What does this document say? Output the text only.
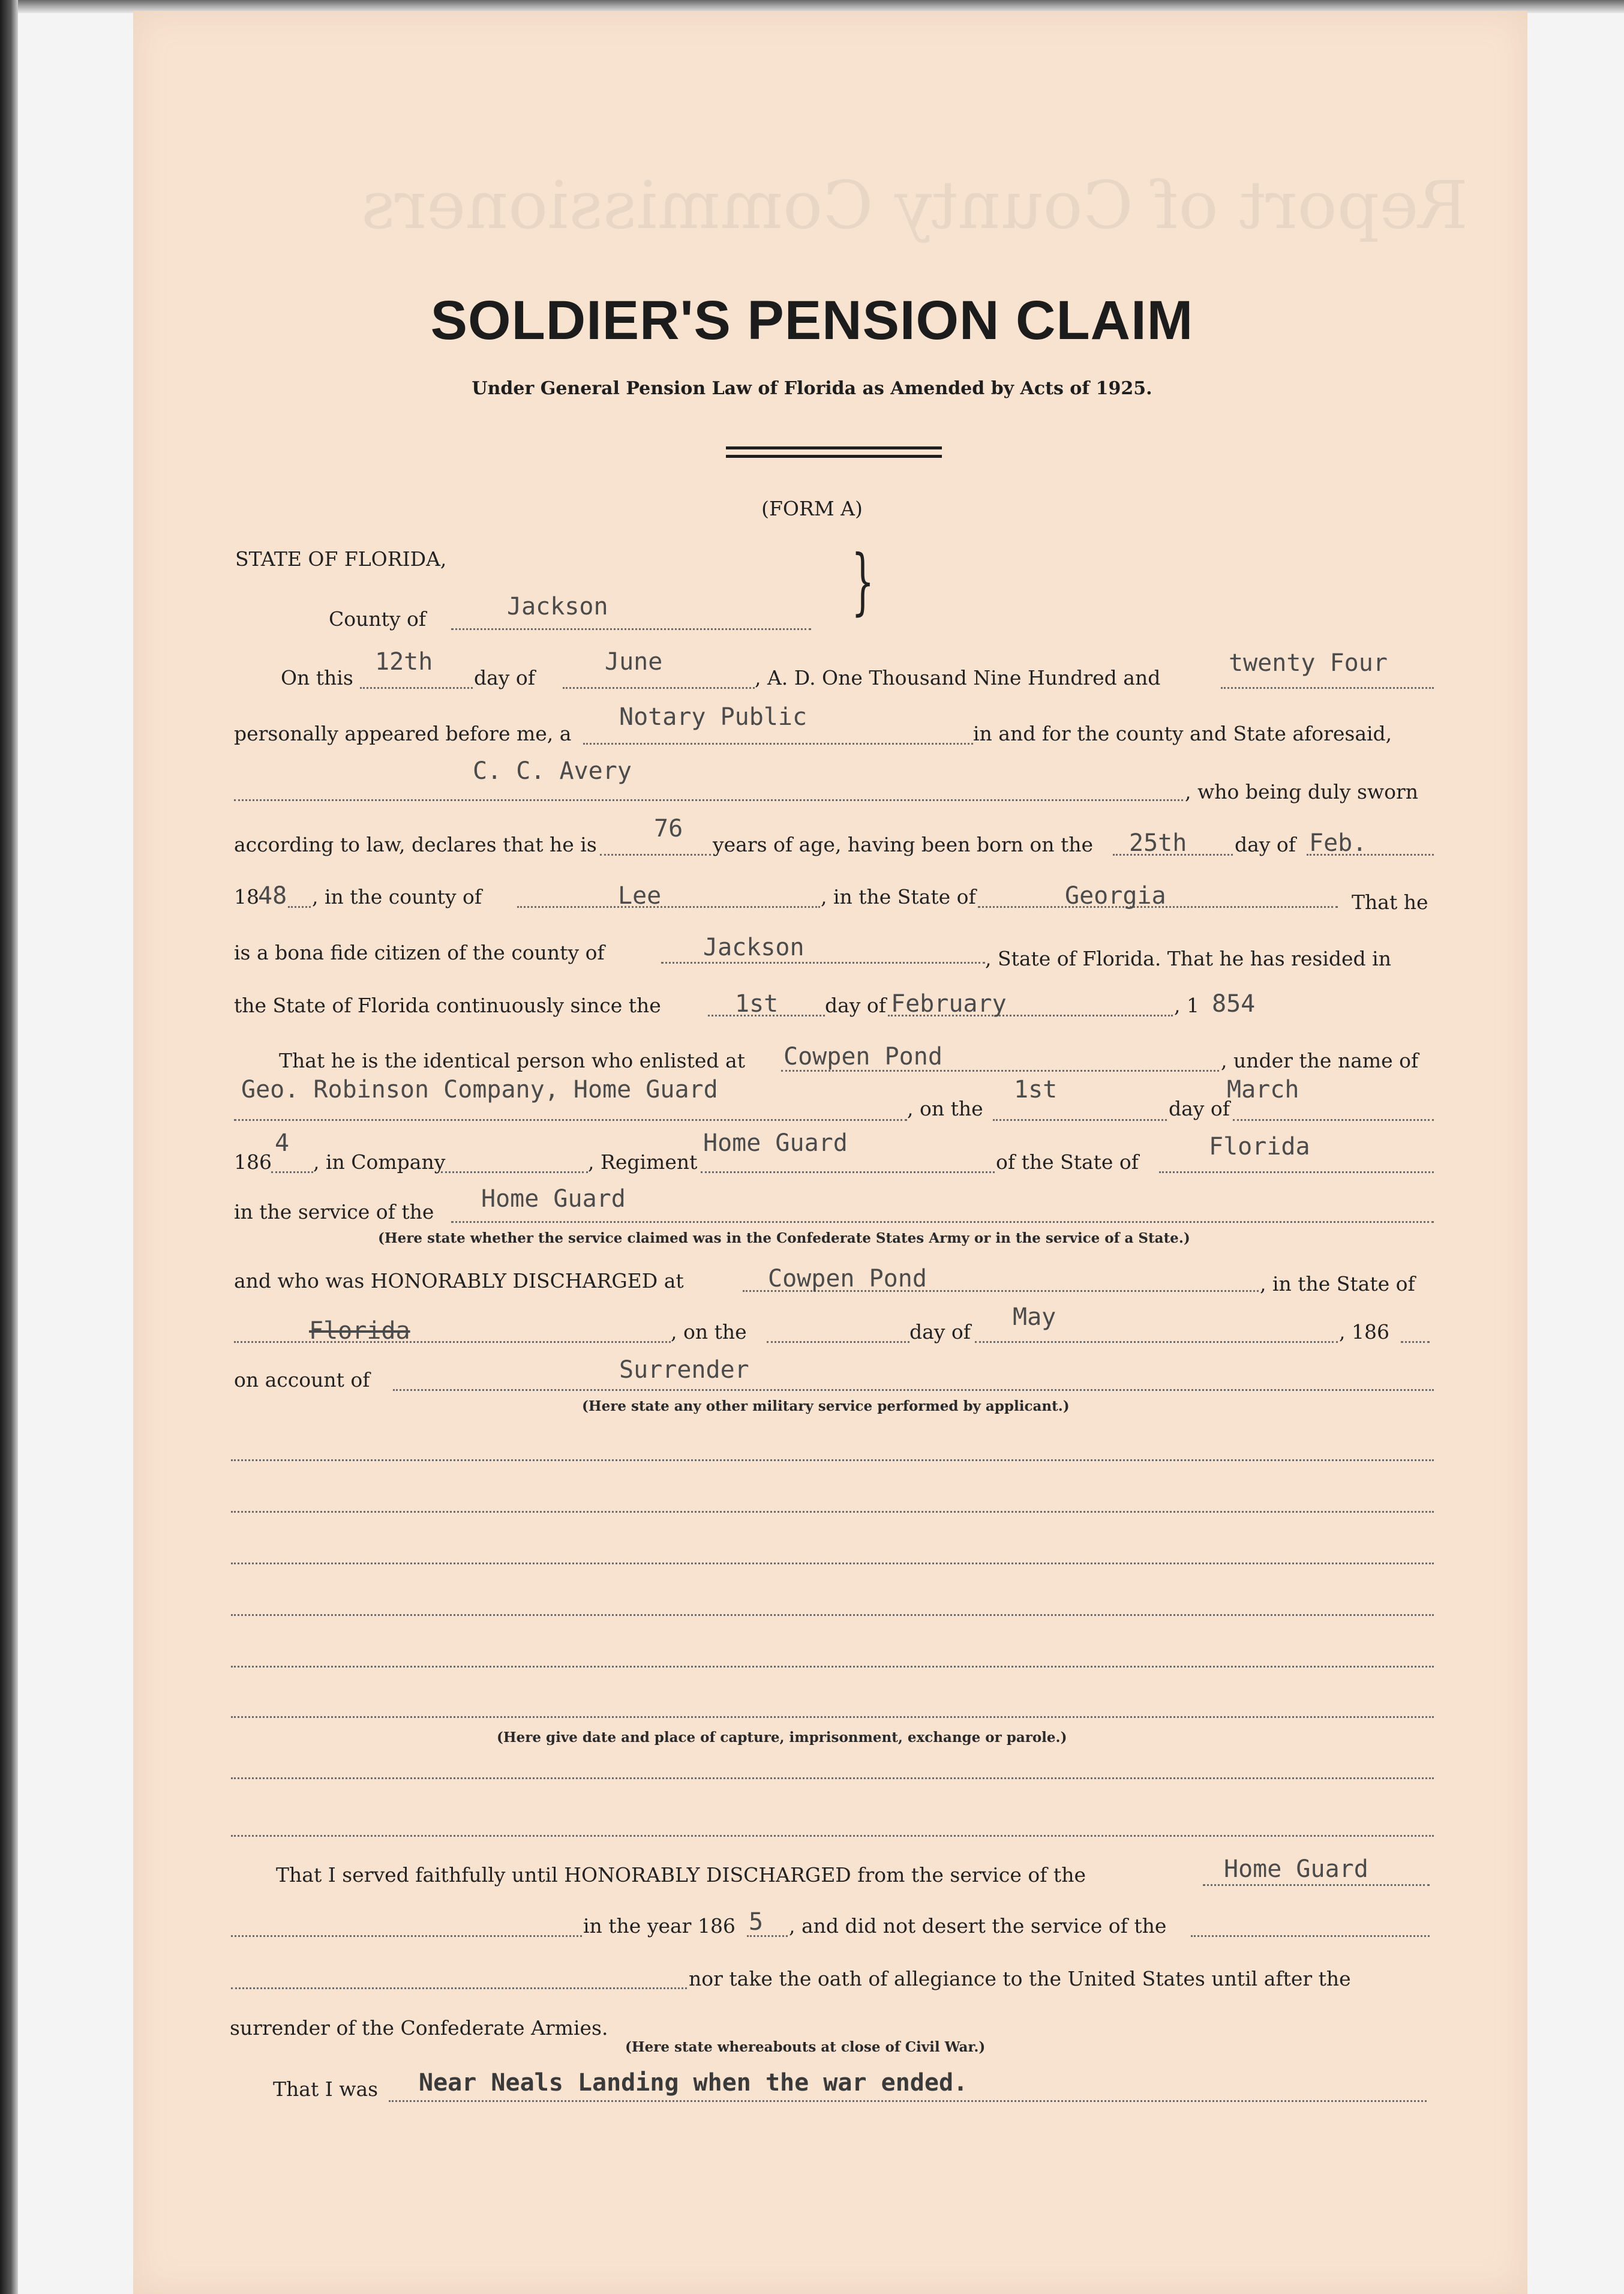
Report of County Commissioners
SOLDIER'S PENSION CLAIM
Under General Pension Law of Florida as Amended by Acts of 1925.
(FORM A)
STATE OF FLORIDA,	}
County of	Jackson
On this
12th
day of
June
, A. D. One Thousand Nine Hundred and
twenty Four
personally appeared before me, a
Notary Public
in and for the county and State aforesaid,
C. C. Avery
, who being duly sworn
according to law, declares that he is
76
years of age, having been born on the 25th day of Feb.
18
48 , in the county of	Lee	, in the State of	Georgia	That he
is a bona fide citizen of the county of	Jackson	, State of Florida. That he has resided in
the State of Florida continuously since the	1st day of February	, 1 854
That he is the identical person who enlisted at Cowpen Pond	, under the name of
Geo. Robinson Company, Home Guard
, on the
1st
day of
March
186
4
, in Company	, Regiment
Home Guard
of the State of
Florida
in the service of the Home Guard
(Here state whether the service claimed was in the Confederate States Army or in the service of a State.)
and who was HONORABLY DISCHARGED at	Cowpen Pond	, in the State of
Florida	, on the	day of
May
, 186
on account of	Surrender
(Here state any other military service performed by applicant.)
(Here give date and place of capture, imprisonment, exchange or parole.)
That I served faithfully until HONORABLY DISCHARGED from the service of the	Home Guard
in the year 186 5 , and did not desert the service of the
nor take the oath of allegiance to the United States until after the
surrender of the Confederate Armies.
(Here state whereabouts at close of Civil War.)
That I was Near Neals Landing when the war ended.
